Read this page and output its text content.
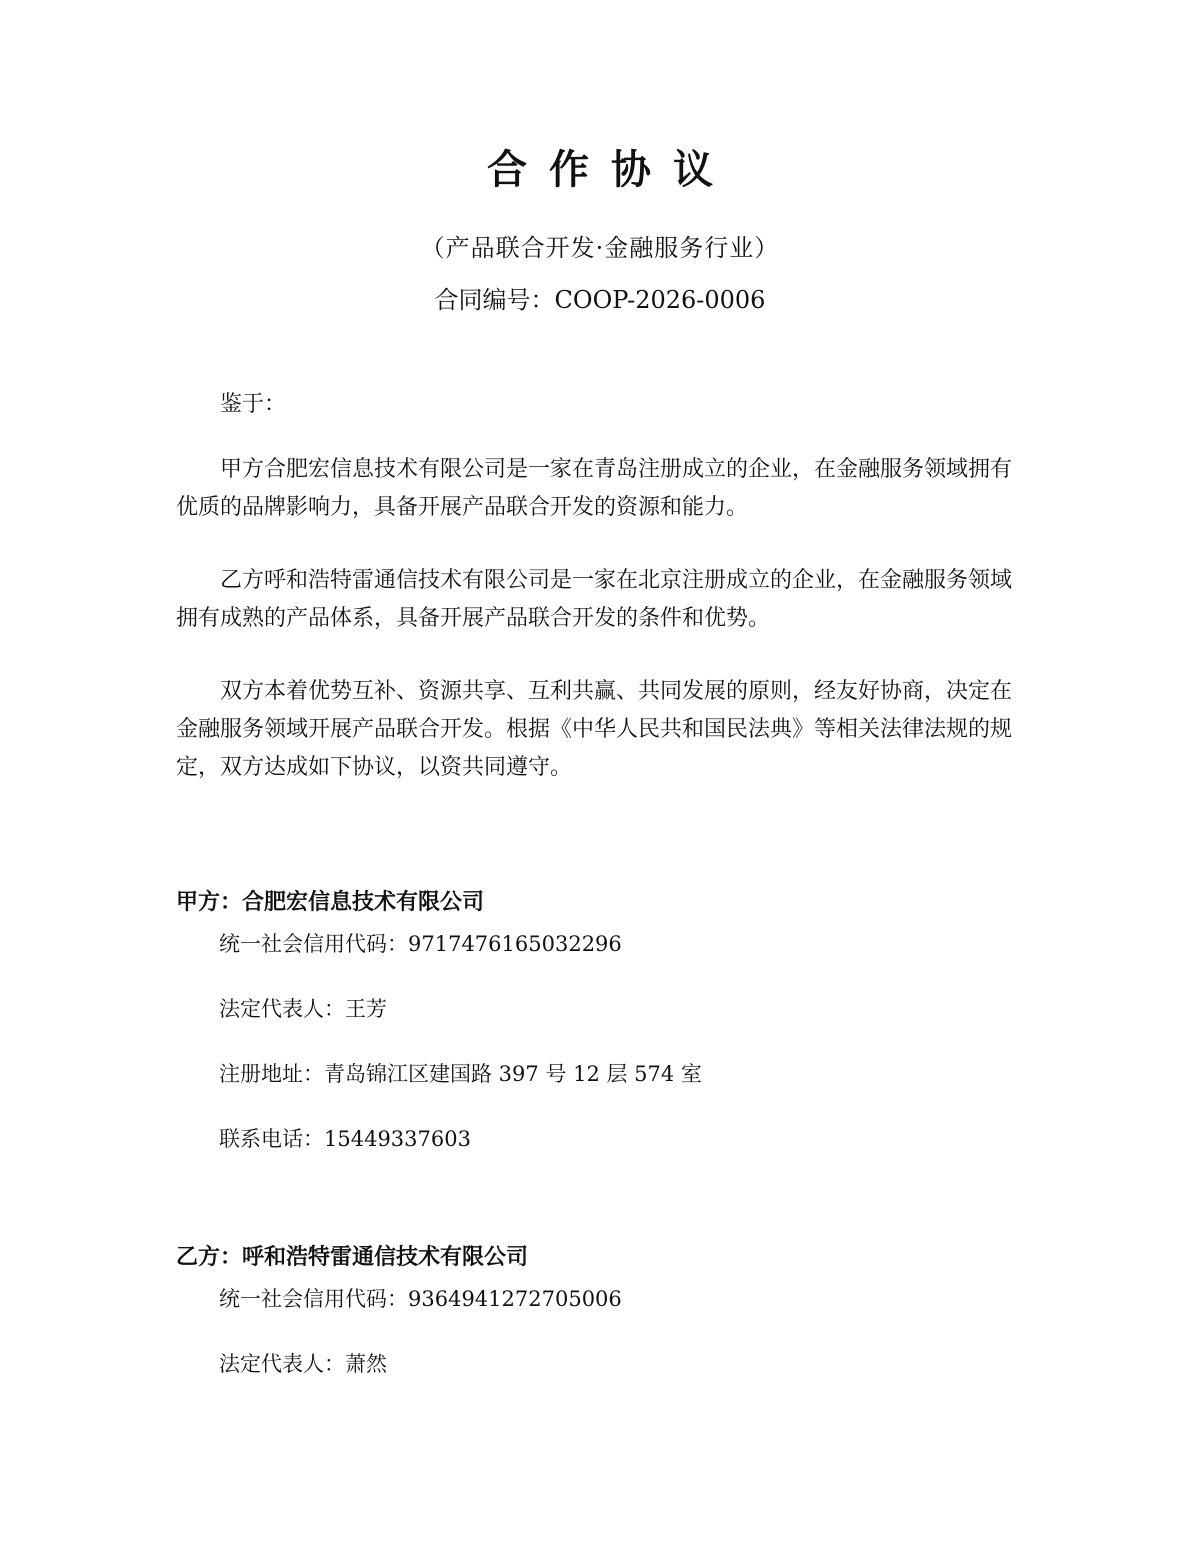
合作协议
（产品联合开发·金融服务行业）
合同编号：COOP-2026-0006
鉴于：
甲方合肥宏信息技术有限公司是一家在青岛注册成立的企业，在金融服务领域拥有优质的品牌影响力，具备开展产品联合开发的资源和能力。
乙方呼和浩特雷通信技术有限公司是一家在北京注册成立的企业，在金融服务领域拥有成熟的产品体系，具备开展产品联合开发的条件和优势。
双方本着优势互补、资源共享、互利共赢、共同发展的原则，经友好协商，决定在金融服务领域开展产品联合开发。根据《中华人民共和国民法典》等相关法律法规的规定，双方达成如下协议，以资共同遵守。
甲方：合肥宏信息技术有限公司
统一社会信用代码：9717476165032296
法定代表人：王芳
注册地址：青岛锦江区建国路 397 号 12 层 574 室
联系电话：15449337603
乙方：呼和浩特雷通信技术有限公司
统一社会信用代码：9364941272705006
法定代表人：萧然
